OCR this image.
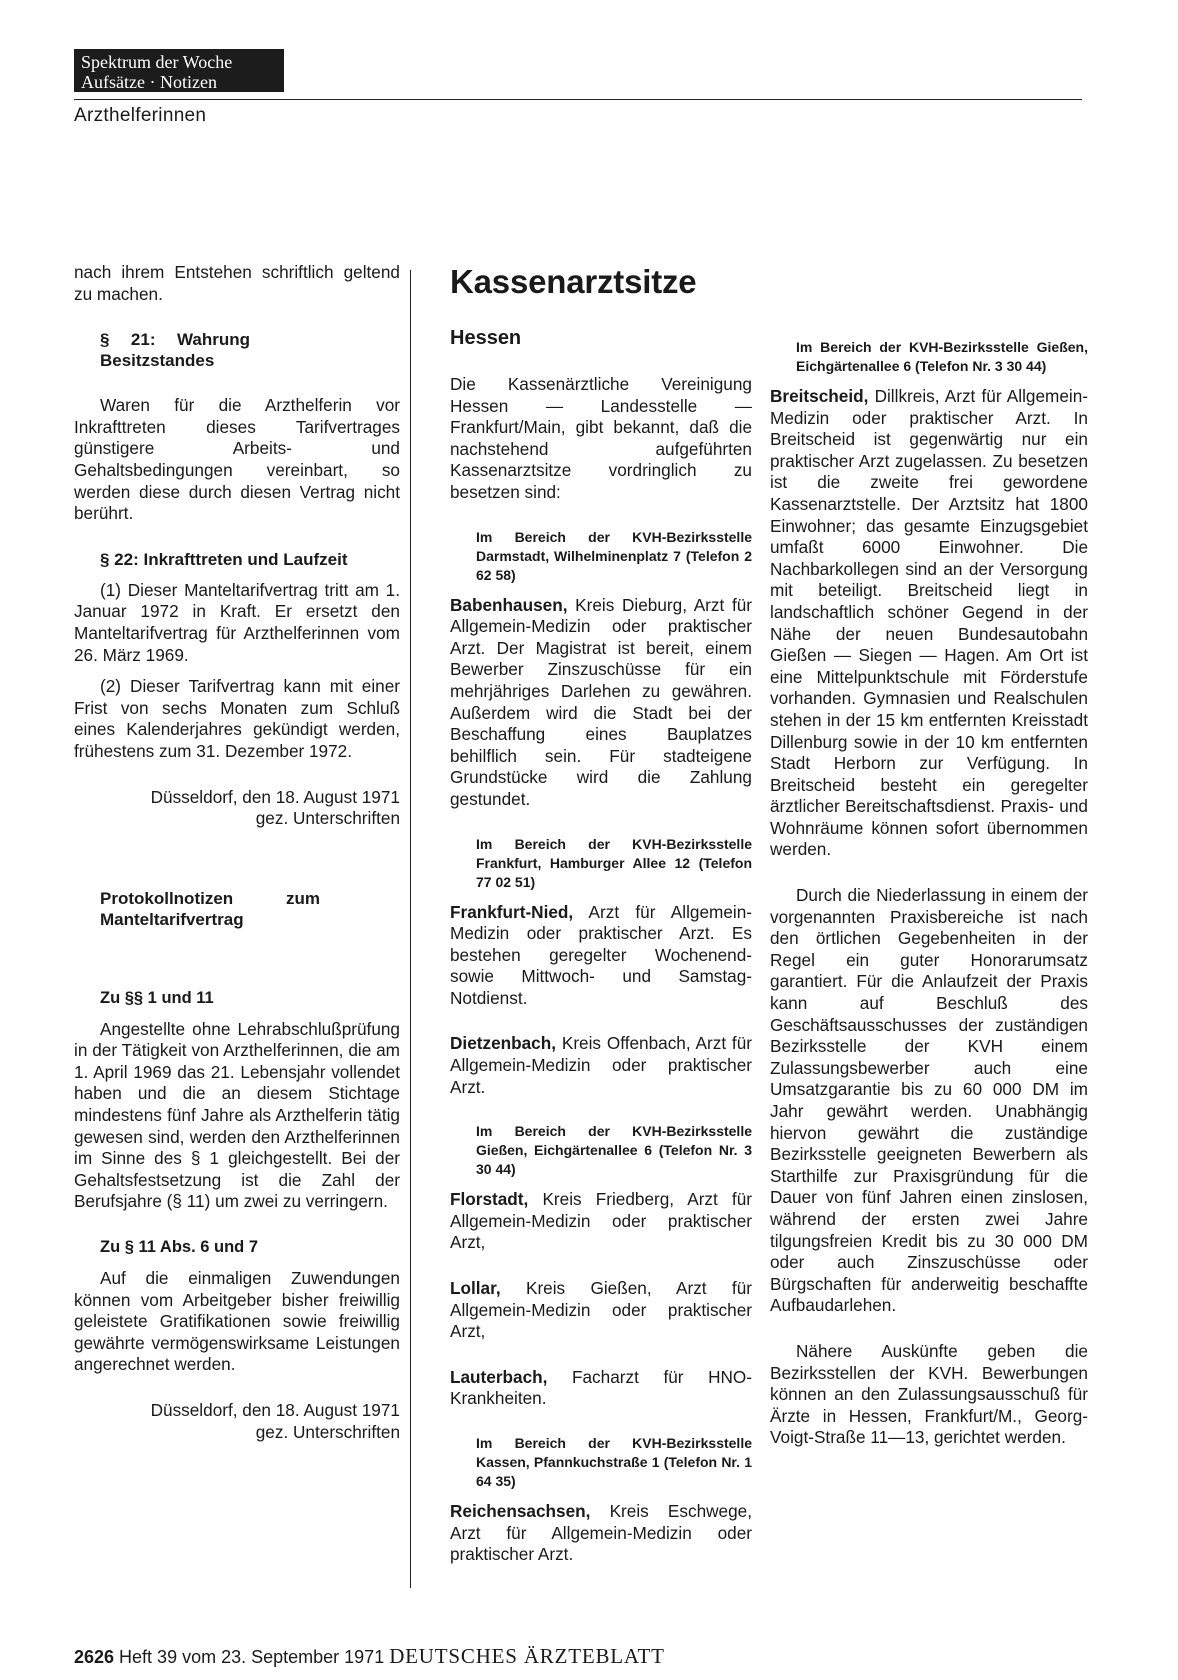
Spektrum der Woche
Aufsätze · Notizen
Arzthelferinnen

nach ihrem Entstehen schriftlich geltend zu machen.

§ 21: Wahrung Besitzstandes

Waren für die Arzthelferin vor Inkrafttreten dieses Tarifvertrages günstigere Arbeits- und Gehaltsbedingungen vereinbart, so werden diese durch diesen Vertrag nicht berührt.

§ 22: Inkrafttreten und Laufzeit

(1) Dieser Manteltarifvertrag tritt am 1. Januar 1972 in Kraft. Er ersetzt den Manteltarifvertrag für Arzthelferinnen vom 26. März 1969.

(2) Dieser Tarifvertrag kann mit einer Frist von sechs Monaten zum Schluß eines Kalenderjahres gekündigt werden, frühestens zum 31. Dezember 1972.

Düsseldorf, den 18. August 1971

gez. Unterschriften

Protokollnotizen zum Manteltarifvertrag

Zu §§ 1 und 11

Angestellte ohne Lehrabschlußprüfung in der Tätigkeit von Arzthelferinnen, die am 1. April 1969 das 21. Lebensjahr vollendet haben und die an diesem Stichtage mindestens fünf Jahre als Arzthelferin tätig gewesen sind, werden den Arzthelferinnen im Sinne des § 1 gleichgestellt. Bei der Gehaltsfestsetzung ist die Zahl der Berufsjahre (§ 11) um zwei zu verringern.

Zu § 11 Abs. 6 und 7

Auf die einmaligen Zuwendungen können vom Arbeitgeber bisher freiwillig geleistete Gratifikationen sowie freiwillig gewährte vermögenswirksame Leistungen angerechnet werden.

Düsseldorf, den 18. August 1971

gez. Unterschriften

Kassenarztsitze

Hessen

Die Kassenärztliche Vereinigung Hessen — Landesstelle — Frankfurt/Main, gibt bekannt, daß die nachstehend aufgeführten Kassenarztsitze vordringlich zu besetzen sind:

Im Bereich der KVH-Bezirksstelle Darmstadt, Wilhelminenplatz 7 (Telefon 2 62 58)

Babenhausen, Kreis Dieburg, Arzt für Allgemein-Medizin oder praktischer Arzt. Der Magistrat ist bereit, einem Bewerber Zinszuschüsse für ein mehrjähriges Darlehen zu gewähren. Außerdem wird die Stadt bei der Beschaffung eines Bauplatzes behilflich sein. Für stadteigene Grundstücke wird die Zahlung gestundet.

Im Bereich der KVH-Bezirksstelle Frankfurt, Hamburger Allee 12 (Telefon 77 02 51)

Frankfurt-Nied, Arzt für Allgemein-Medizin oder praktischer Arzt. Es bestehen geregelter Wochenend- sowie Mittwoch- und Samstag-Notdienst.

Dietzenbach, Kreis Offenbach, Arzt für Allgemein-Medizin oder praktischer Arzt.

Im Bereich der KVH-Bezirksstelle Gießen, Eichgärtenallee 6 (Telefon Nr. 3 30 44)

Florstadt, Kreis Friedberg, Arzt für Allgemein-Medizin oder praktischer Arzt,

Lollar, Kreis Gießen, Arzt für Allgemein-Medizin oder praktischer Arzt,

Lauterbach, Facharzt für HNO-Krankheiten.

Im Bereich der KVH-Bezirksstelle Kassen, Pfannkuchstraße 1 (Telefon Nr. 1 64 35)

Reichensachsen, Kreis Eschwege, Arzt für Allgemein-Medizin oder praktischer Arzt.

Im Bereich der KVH-Bezirksstelle Gießen, Eichgärtenallee 6 (Telefon Nr. 3 30 44)

Breitscheid, Dillkreis, Arzt für Allgemein-Medizin oder praktischer Arzt. In Breitscheid ist gegenwärtig nur ein praktischer Arzt zugelassen. Zu besetzen ist die zweite frei gewordene Kassenarztstelle. Der Arztsitz hat 1800 Einwohner; das gesamte Einzugsgebiet umfaßt 6000 Einwohner. Die Nachbarkollegen sind an der Versorgung mit beteiligt. Breitscheid liegt in landschaftlich schöner Gegend in der Nähe der neuen Bundesautobahn Gießen — Siegen — Hagen. Am Ort ist eine Mittelpunktschule mit Förderstufe vorhanden. Gymnasien und Realschulen stehen in der 15 km entfernten Kreisstadt Dillenburg sowie in der 10 km entfernten Stadt Herborn zur Verfügung. In Breitscheid besteht ein geregelter ärztlicher Bereitschaftsdienst. Praxis- und Wohnräume können sofort übernommen werden.

Durch die Niederlassung in einem der vorgenannten Praxisbereiche ist nach den örtlichen Gegebenheiten in der Regel ein guter Honorarumsatz garantiert. Für die Anlaufzeit der Praxis kann auf Beschluß des Geschäftsausschusses der zuständigen Bezirksstelle der KVH einem Zulassungsbewerber auch eine Umsatzgarantie bis zu 60 000 DM im Jahr gewährt werden. Unabhängig hiervon gewährt die zuständige Bezirksstelle geeigneten Bewerbern als Starthilfe zur Praxisgründung für die Dauer von fünf Jahren einen zinslosen, während der ersten zwei Jahre tilgungsfreien Kredit bis zu 30 000 DM oder auch Zinszuschüsse oder Bürgschaften für anderweitig beschaffte Aufbaudarlehen.

Nähere Auskünfte geben die Bezirksstellen der KVH. Bewerbungen können an den Zulassungsausschuß für Ärzte in Hessen, Frankfurt/M., Georg-Voigt-Straße 11—13, gerichtet werden.

2626 Heft 39 vom 23. September 1971 DEUTSCHES ÄRZTEBLATT
